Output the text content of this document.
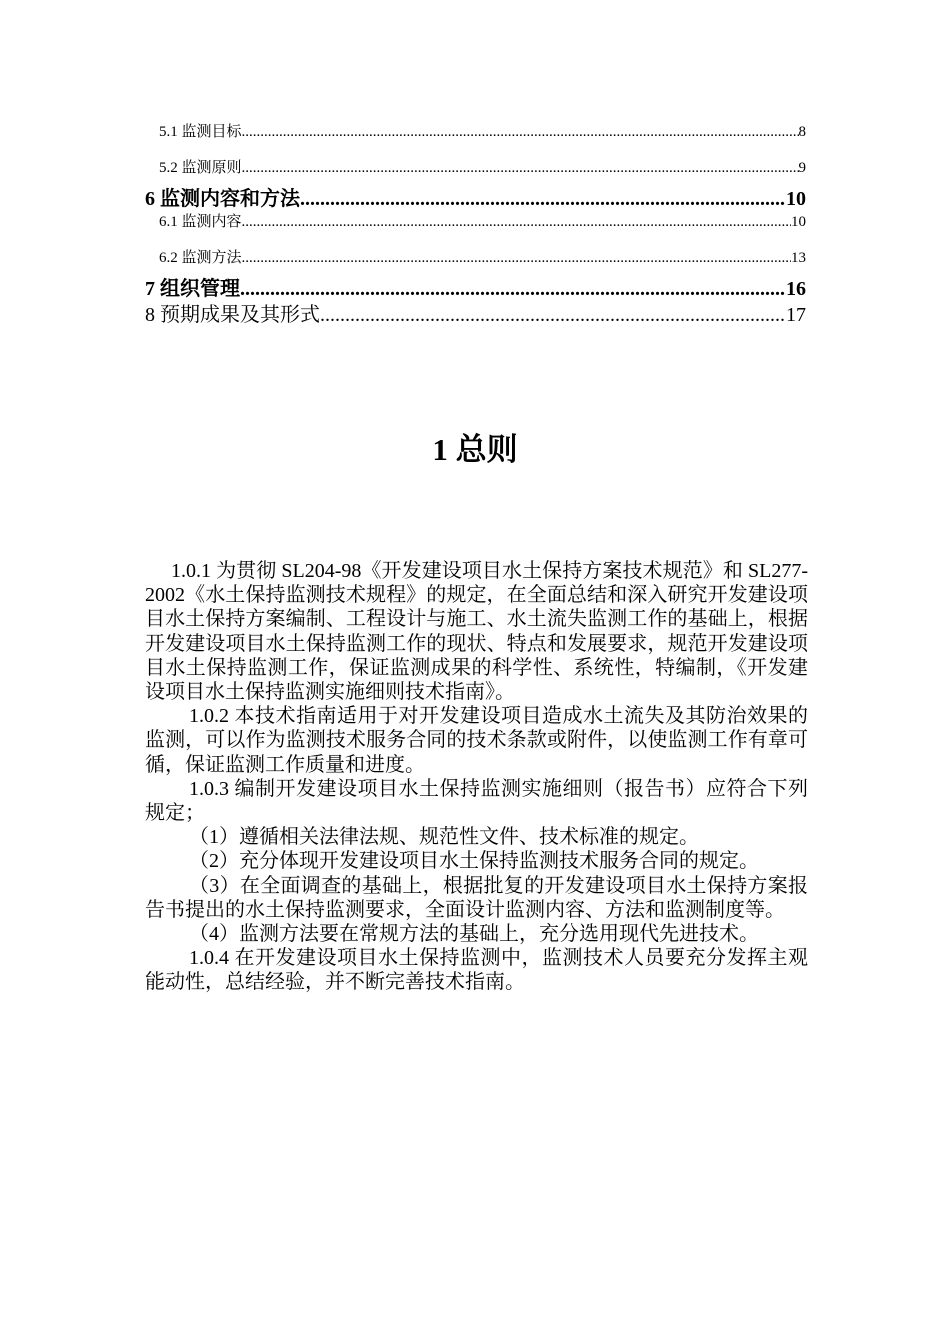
5.1 监测目标 .....	8
5.2 监测原则 .....	9
6 监测内容和方法 .....	10
6.1 监测内容 .....	10
6.2 监测方法 .....	13
7 组织管理 .....	16
8 预期成果及其形式 .....	17
1 总则

1.0.1 为贯彻 SL204-98《开发建设项目水土保持方案技术规范》和 SL277-2002《水土保持监测技术规程》的规定，在全面总结和深入研究开发建设项目水土保持方案编制、工程设计与施工、水土流失监测工作的基础上，根据开发建设项目水土保持监测工作的现状、特点和发展要求，规范开发建设项目水土保持监测工作，保证监测成果的科学性、系统性，特编制，《开发建设项目水土保持监测实施细则技术指南》。

1.0.2 本技术指南适用于对开发建设项目造成水土流失及其防治效果的监测，可以作为监测技术服务合同的技术条款或附件，以使监测工作有章可循，保证监测工作质量和进度。

1.0.3 编制开发建设项目水土保持监测实施细则（报告书）应符合下列规定；

（1）遵循相关法律法规、规范性文件、技术标准的规定。

（2）充分体现开发建设项目水土保持监测技术服务合同的规定。

（3）在全面调查的基础上，根据批复的开发建设项目水土保持方案报告书提出的水土保持监测要求，全面设计监测内容、方法和监测制度等。

（4）监测方法要在常规方法的基础上，充分选用现代先进技术。

1.0.4 在开发建设项目水土保持监测中，监测技术人员要充分发挥主观能动性，总结经验，并不断完善技术指南。
